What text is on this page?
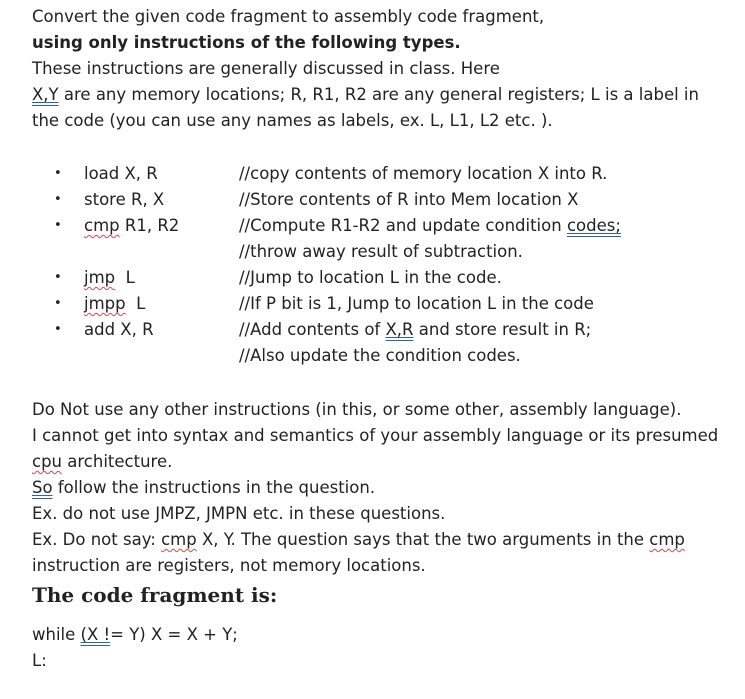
Convert the given code fragment to assembly code fragment,
using only instructions of the following types.
These instructions are generally discussed in class. Here
X,Y are any memory locations; R, R1, R2 are any general registers; L is a label in
the code (you can use any names as labels, ex. L, L1, L2 etc. ).
• load X, R	//copy contents of memory location X into R.
• store R, X	//Store contents of R into Mem location X
• cmp R1, R2	//Compute R1-R2 and update condition codes;
//throw away result of subtraction.
• jmp  L	//Jump to location L in the code.
• jmpp  L	//If P bit is 1, Jump to location L in the code
• add X, R	//Add contents of X,R and store result in R;
//Also update the condition codes.
Do Not use any other instructions (in this, or some other, assembly language).
I cannot get into syntax and semantics of your assembly language or its presumed
cpu architecture.
So follow the instructions in the question.
Ex. do not use JMPZ, JMPN etc. in these questions.
Ex. Do not say: cmp X, Y. The question says that the two arguments in the cmp
instruction are registers, not memory locations.
The code fragment is:
while (X != Y) X = X + Y;
L:
